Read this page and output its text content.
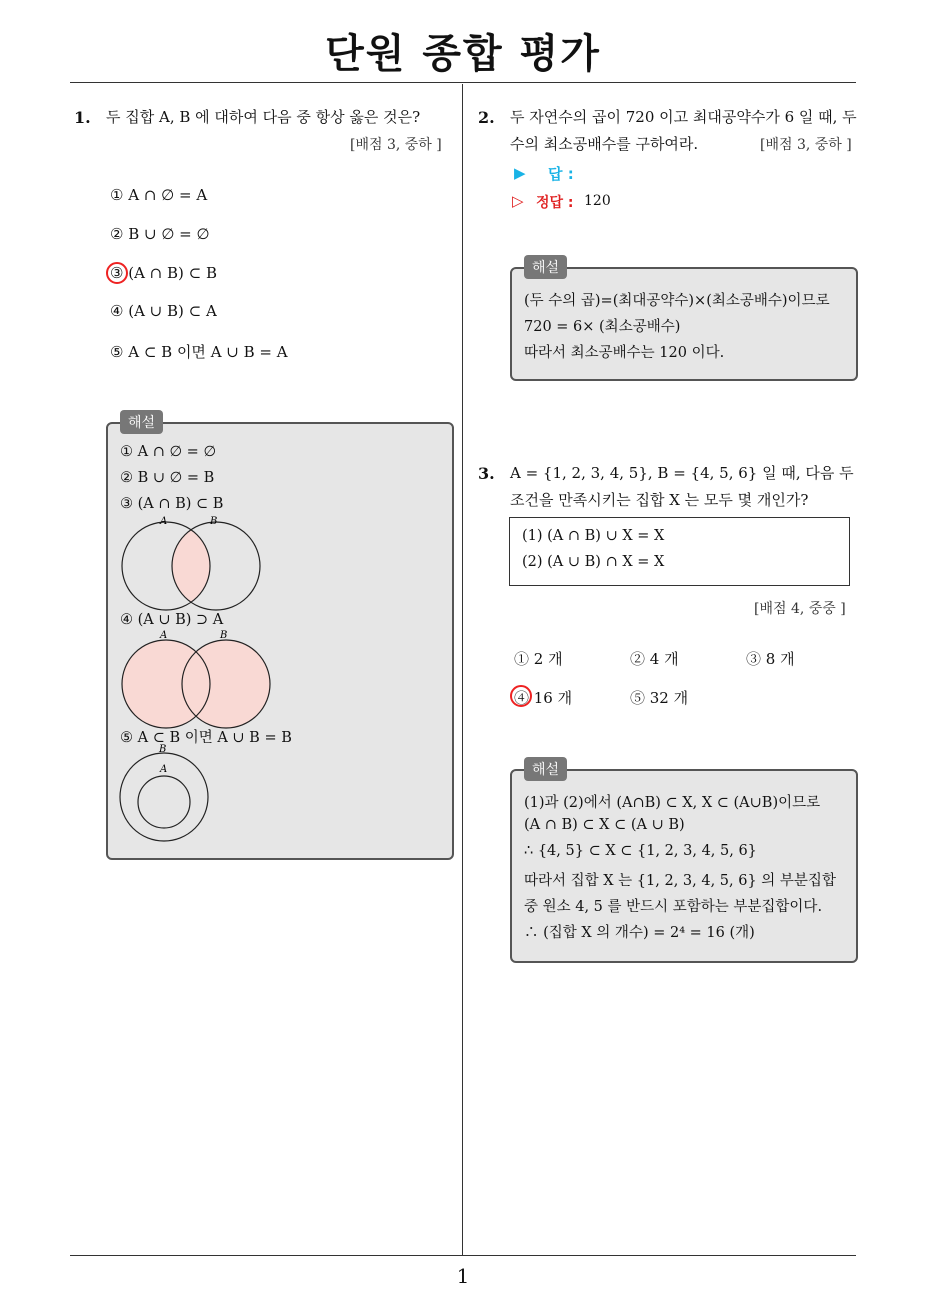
단원 종합 평가
1
1. 두 집합 A, B 에 대하여 다음 중 항상 옳은 것은?
[배점 3, 중하 ]
① A ∩ ∅ = A
② B ∪ ∅ = ∅
③ (A ∩ B) ⊂ B
④ (A ∪ B) ⊂ A
⑤ A ⊂ B 이면 A ∪ B = A
해설
① A ∩ ∅ = ∅
② B ∪ ∅ = B
③ (A ∩ B) ⊂ B
A	B
④ (A ∪ B) ⊃ A
A	B
⑤ A ⊂ B 이면 A ∪ B = B
B
A
2. 두 자연수의 곱이 720 이고 최대공약수가 6 일 때, 두
수의 최소공배수를 구하여라.	[배점 3, 중하 ]
▶ 답 :
▷ 정답 : 120
해설
(두 수의 곱)=(최대공약수)×(최소공배수)이므로
720 = 6× (최소공배수)
따라서 최소공배수는 120 이다.
3. A = {1, 2, 3, 4, 5}, B = {4, 5, 6} 일 때, 다음 두
조건을 만족시키는 집합 X 는 모두 몇 개인가?
(1) (A ∩ B) ∪ X = X
(2) (A ∪ B) ∩ X = X
[배점 4, 중중 ]
① 2 개	② 4 개	③ 8 개
④ 16 개	⑤ 32 개
해설
(1)과 (2)에서 (A∩B) ⊂ X, X ⊂ (A∪B)이므로
(A ∩ B) ⊂ X ⊂ (A ∪ B)
∴ {4, 5} ⊂ X ⊂ {1, 2, 3, 4, 5, 6}
따라서 집합 X 는 {1, 2, 3, 4, 5, 6} 의 부분집합
중 원소 4, 5 를 반드시 포함하는 부분집합이다.
∴ (집합 X 의 개수) = 2⁴ = 16 (개)
